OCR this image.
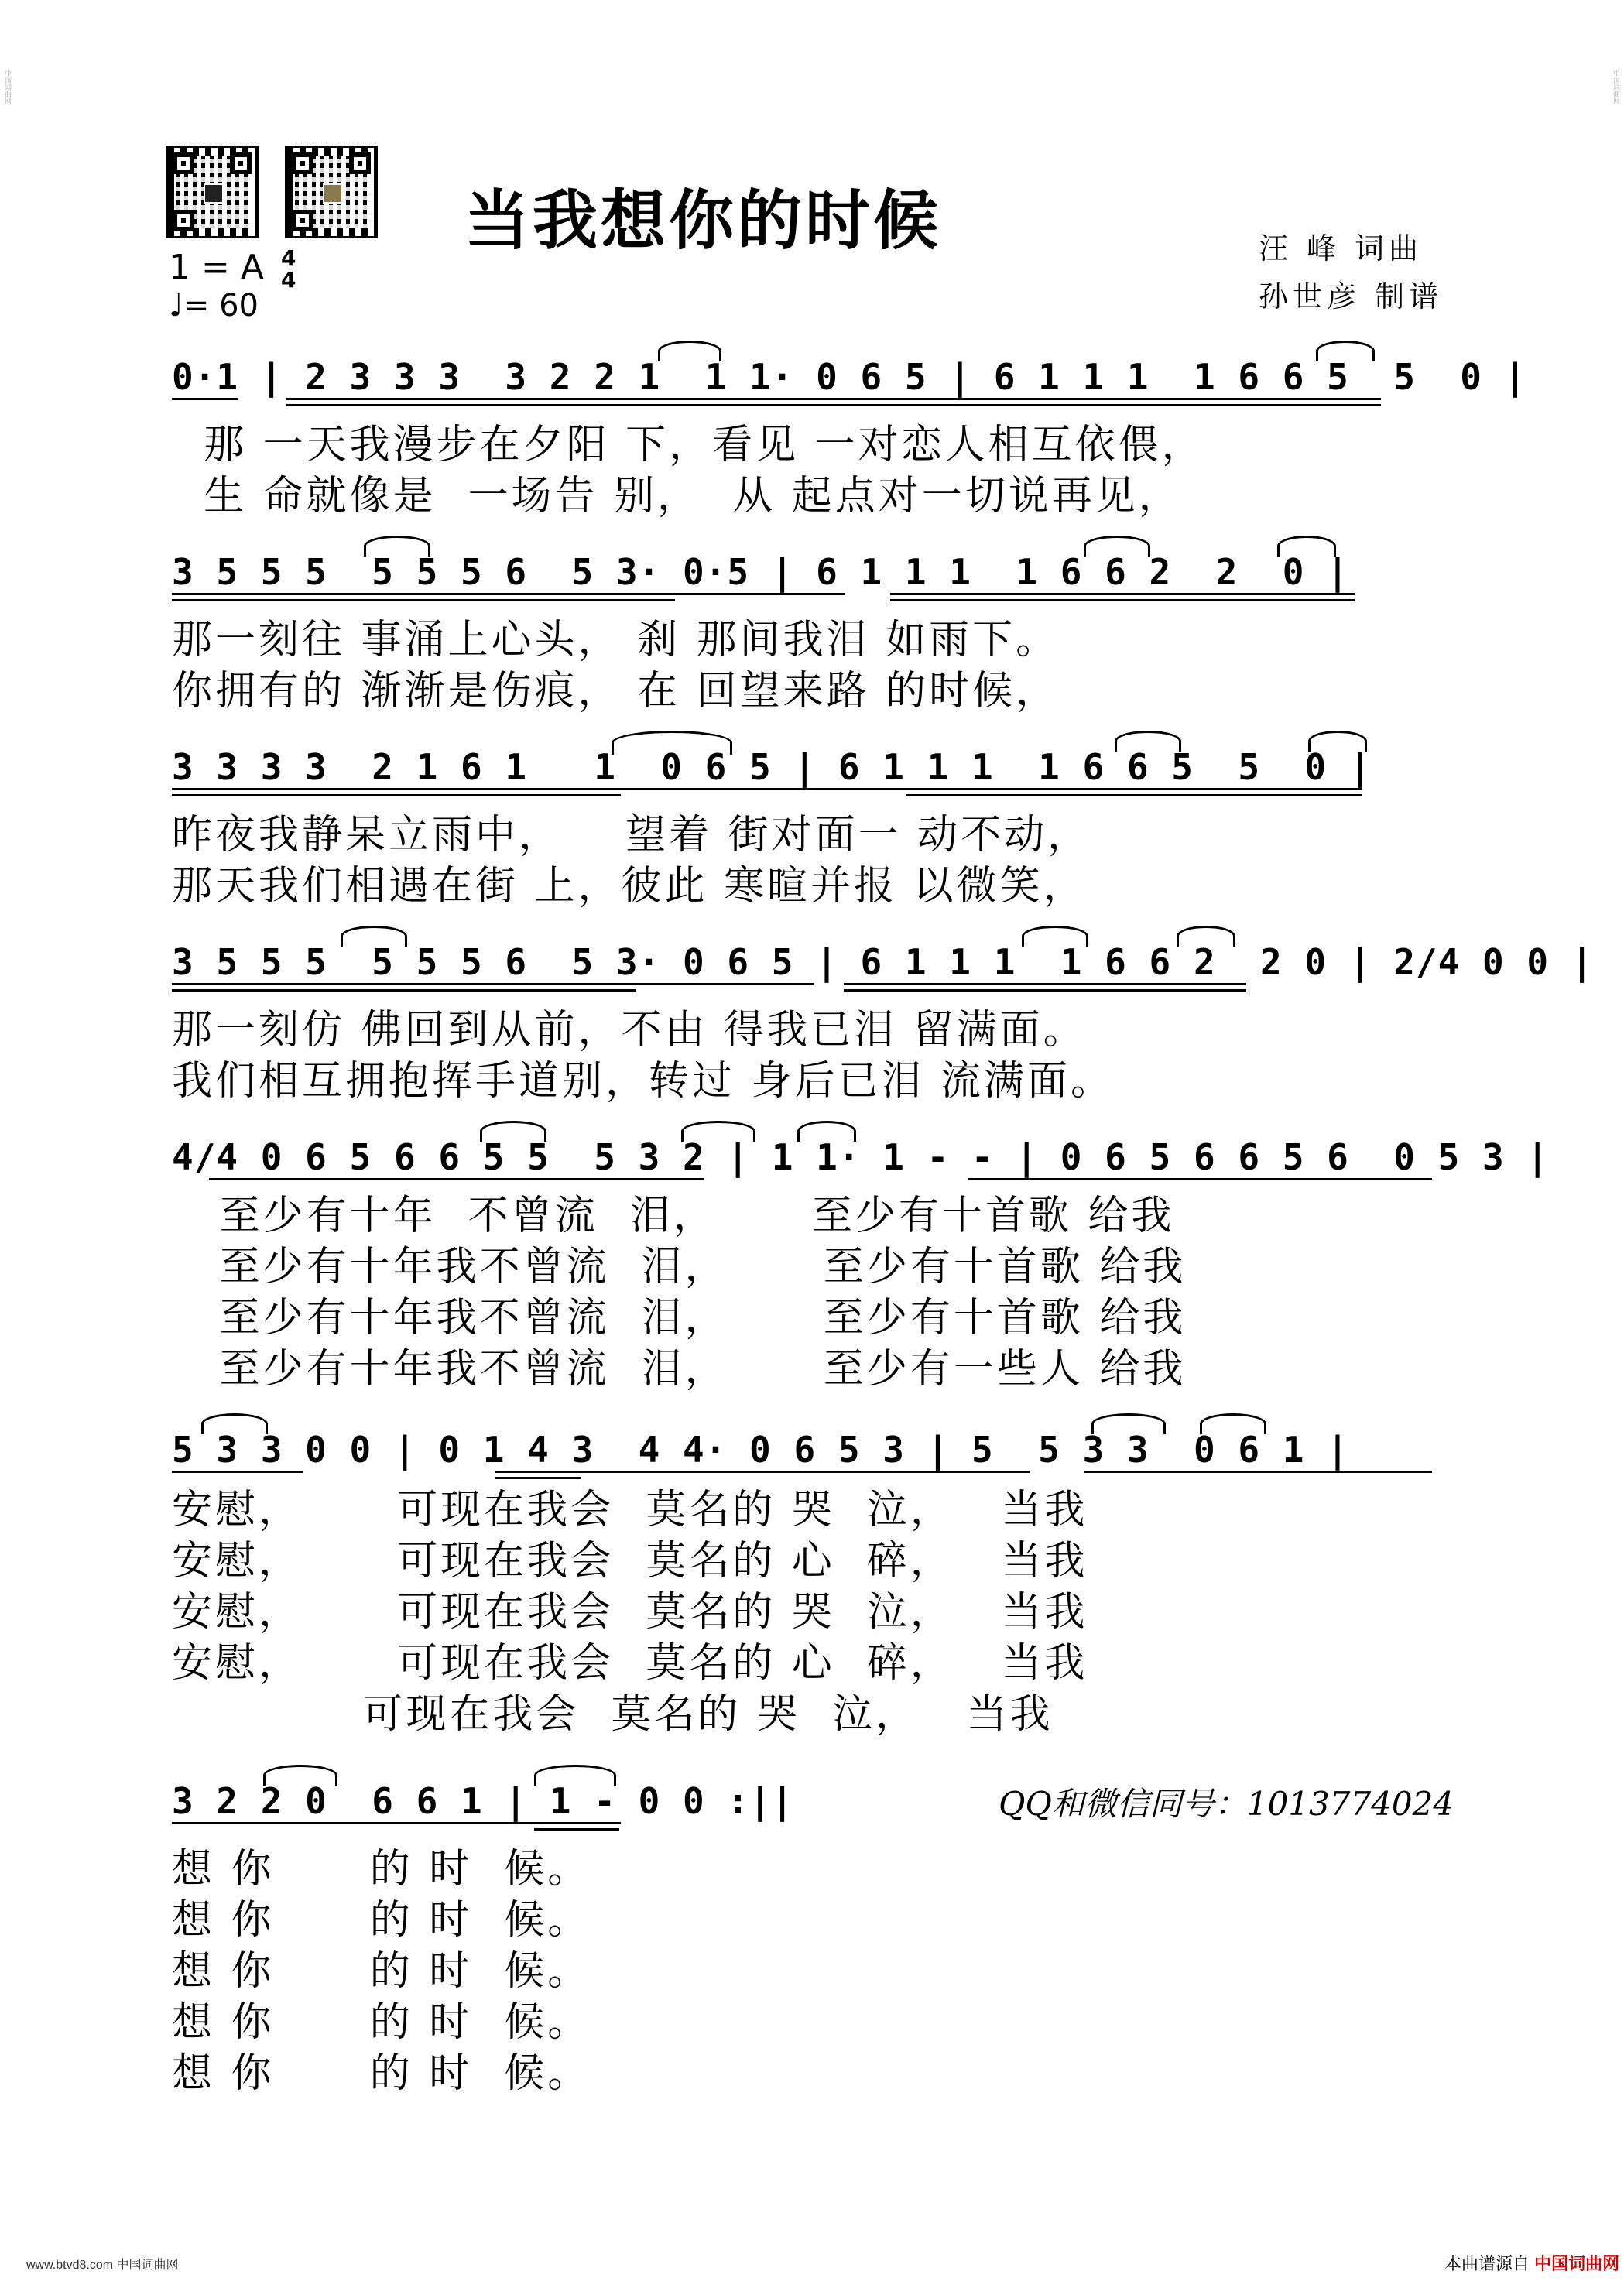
中国词曲网	中国词曲网
当我想你的时候	汪 峰 词曲
孙世彦 制谱
1 = A 4
4
♩= 60
0·1 | 2 3 3 3  3 2 2 1  1 1· 0 6 5 | 6 1 1 1  1 6 6 5  5  0 |
那 一天我漫步在夕阳 下，看见 一对恋人相互依偎，
生 命就像是  一场告 别，  从 起点对一切说再见，
3 5 5 5  5 5 5 6  5 3· 0·5 | 6 1 1 1  1 6 6 2  2  0 |
那一刻往 事涌上心头， 刹 那间我泪 如雨下。
你拥有的 渐渐是伤痕， 在 回望来路 的时候，
3 3 3 3  2 1 6 1   1  0 6 5 | 6 1 1 1  1 6 6 5  5  0 |
昨夜我静呆立雨中，    望着 街对面一 动不动，
那天我们相遇在街 上，彼此 寒暄并报 以微笑，
3 5 5 5  5 5 5 6  5 3· 0 6 5 | 6 1 1 1  1 6 6 2  2 0 | 2/4 0 0 |
那一刻仿 佛回到从前，不由 得我已泪 留满面。
我们相互拥抱挥手道别，转过 身后已泪 流满面。
4/4 0 6 5 6 6 5 5  5 3 2 | 1 1· 1 - - | 0 6 5 6 6 5 6  0 5 3 |
至少有十年  不曾流  泪，      至少有十首歌 给我
至少有十年我不曾流  泪，      至少有十首歌 给我
至少有十年我不曾流  泪，      至少有十首歌 给我
至少有十年我不曾流  泪，      至少有一些人 给我
5 3 3 0 0 | 0 1 4 3  4 4· 0 6 5 3 | 5  5 3 3  0 6 1 |
安慰，      可现在我会  莫名的 哭  泣，   当我
安慰，      可现在我会  莫名的 心  碎，   当我
安慰，      可现在我会  莫名的 哭  泣，   当我
安慰，      可现在我会  莫名的 心  碎，   当我
可现在我会  莫名的 哭  泣，   当我
3 2 2 0  6 6 1 | 1 - 0 0 :||	QQ和微信同号：1013774024
想 你      的 时  候。
想 你      的 时  候。
想 你      的 时  候。
想 你      的 时  候。
想 你      的 时  候。
www.btvd8.com 中国词曲网	本曲谱源自 中国词曲网
